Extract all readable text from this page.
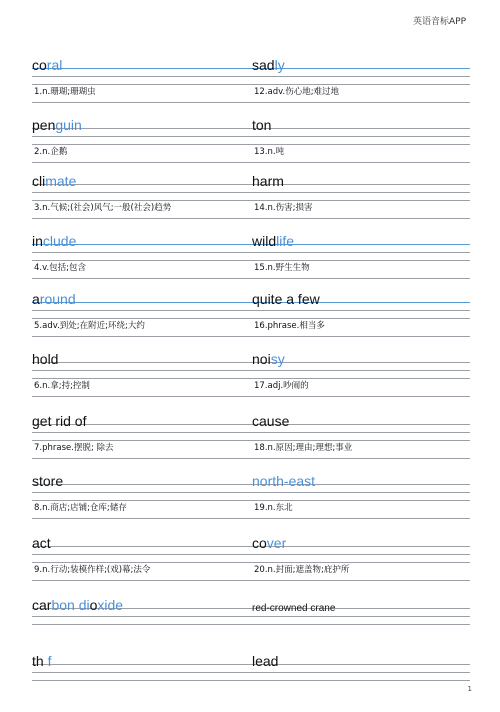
英语音标APP
coral
1.n.珊瑚;珊瑚虫
sadly
12.adv.伤心地;难过地
penguin
2.n.企鹅
ton
13.n.吨
climate
3.n.气候;(社会)风气;一般(社会)趋势
harm
14.n.伤害;损害
include
4.v.包括;包含
wildlife
15.n.野生生物
around
5.adv.到处;在附近;环绕;大约
quite a few
16.phrase.相当多
hold
6.n.拿;持;控制
noisy
17.adj.吵闹的
get rid of
7.phrase.摆脱; 除去
cause
18.n.原因;理由;理想;事业
store
8.n.商店;店铺;仓库;储存
north-east
19.n.东北
act
9.n.行动;装模作样;(戏)幕;法令
cover
20.n.封面;遮盖物;庇护所
carbon dioxide	red-crowned crane
th f	lead
1
